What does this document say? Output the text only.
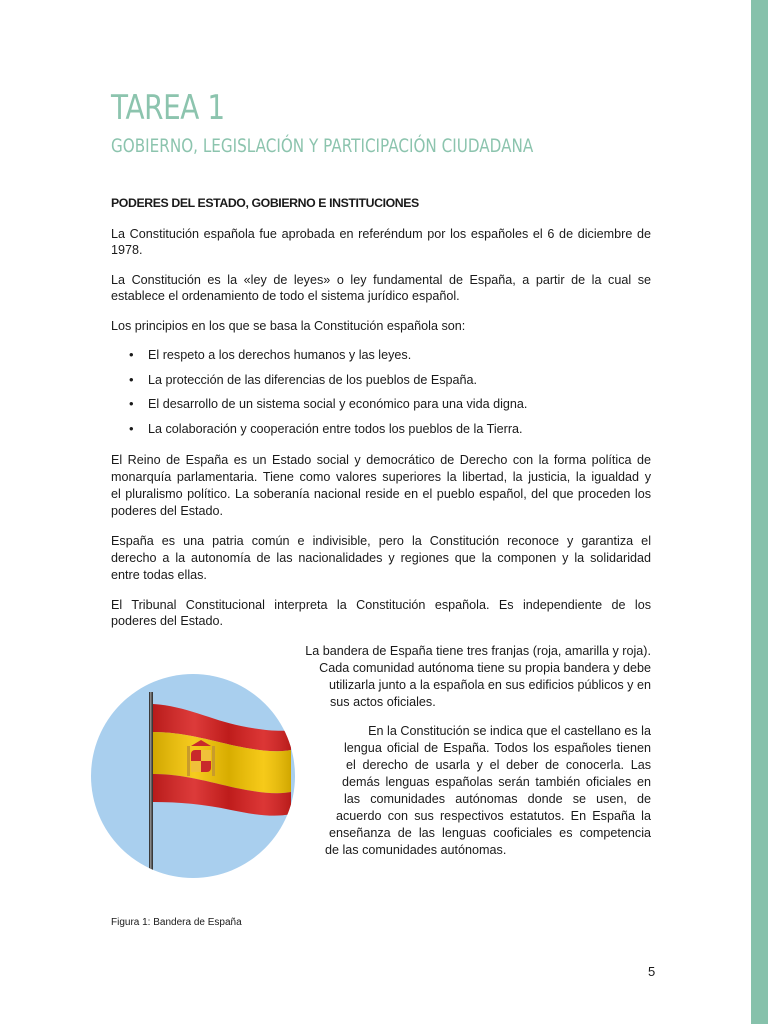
TAREA 1
GOBIERNO, LEGISLACIÓN Y PARTICIPACIÓN CIUDADANA
PODERES DEL ESTADO, GOBIERNO E INSTITUCIONES
La Constitución española fue aprobada en referéndum por los españoles el 6 de diciembre de
1978.
La Constitución es la «ley de leyes» o ley fundamental de España, a partir de la cual se
establece el ordenamiento de todo el sistema jurídico español.
Los principios en los que se basa la Constitución española son:
• El respeto a los derechos humanos y las leyes.
• La protección de las diferencias de los pueblos de España.
• El desarrollo de un sistema social y económico para una vida digna.
• La colaboración y cooperación entre todos los pueblos de la Tierra.
El Reino de España es un Estado social y democrático de Derecho con la forma política de
monarquía parlamentaria. Tiene como valores superiores la libertad, la justicia, la igualdad y
el pluralismo político. La soberanía nacional reside en el pueblo español, del que proceden los
poderes del Estado.
España es una patria común e indivisible, pero la Constitución reconoce y garantiza el
derecho a la autonomía de las nacionalidades y regiones que la componen y la solidaridad
entre todas ellas.
El Tribunal Constitucional interpreta la Constitución española. Es independiente de los
poderes del Estado.
La bandera de España tiene tres franjas (roja, amarilla y roja).
Cada comunidad autónoma tiene su propia bandera y debe
utilizarla junto a la española en sus edificios públicos y en
sus actos oficiales.
En la Constitución se indica que el castellano es la
lengua oficial de España. Todos los españoles tienen
el derecho de usarla y el deber de conocerla. Las
demás lenguas españolas serán también oficiales en
las comunidades autónomas donde se usen, de
acuerdo con sus respectivos estatutos. En España la
enseñanza de las lenguas cooficiales es competencia
de las comunidades autónomas.

Figura 1: Bandera de España

5
